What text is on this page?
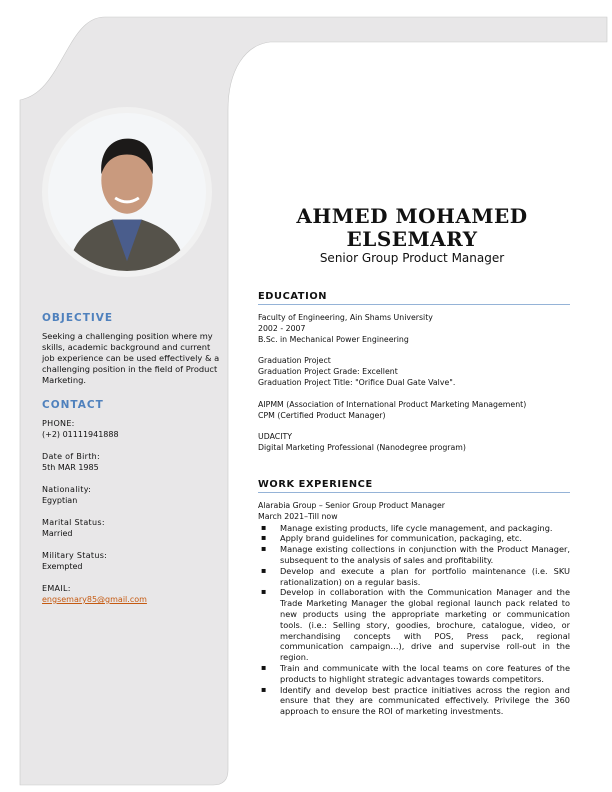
OBJECTIVE
Seeking a challenging position where my skills, academic background and current job experience can be used effectively & a challenging position in the field of Product Marketing.
CONTACT
PHONE:
(+2) 01111941888
Date of Birth:
5th MAR 1985
Nationality:
Egyptian
Marital Status:
Married
Military Status:
Exempted
EMAIL:
engsemary85@gmail.com
AHMED MOHAMED
ELSEMARY
Senior Group Product Manager
EDUCATION
Faculty of Engineering, Ain Shams University
2002 - 2007
B.Sc. in Mechanical Power Engineering
Graduation Project
Graduation Project Grade: Excellent
Graduation Project Title: "Orifice Dual Gate Valve".
AIPMM (Association of International Product Marketing Management)
CPM (Certified Product Manager)
UDACITY
Digital Marketing Professional (Nanodegree program)
WORK EXPERIENCE
Alarabia Group – Senior Group Product Manager
March 2021–Till now
▪ Manage existing products, life cycle management, and packaging.
▪ Apply brand guidelines for communication, packaging, etc.
▪ Manage existing collections in conjunction with the Product Manager, subsequent to the analysis of sales and profitability.
▪ Develop and execute a plan for portfolio maintenance (i.e. SKU rationalization) on a regular basis.
▪ Develop in collaboration with the Communication Manager and the Trade Marketing Manager the global regional launch pack related to new products using the appropriate marketing or communication tools. (i.e.: Selling story, goodies, brochure, catalogue, video, or merchandising concepts with POS, Press pack, regional communication campaign…), drive and supervise roll-out in the region.
▪ Train and communicate with the local teams on core features of the products to highlight strategic advantages towards competitors.
▪ Identify and develop best practice initiatives across the region and ensure that they are communicated effectively. Privilege the 360 approach to ensure the ROI of marketing investments.
